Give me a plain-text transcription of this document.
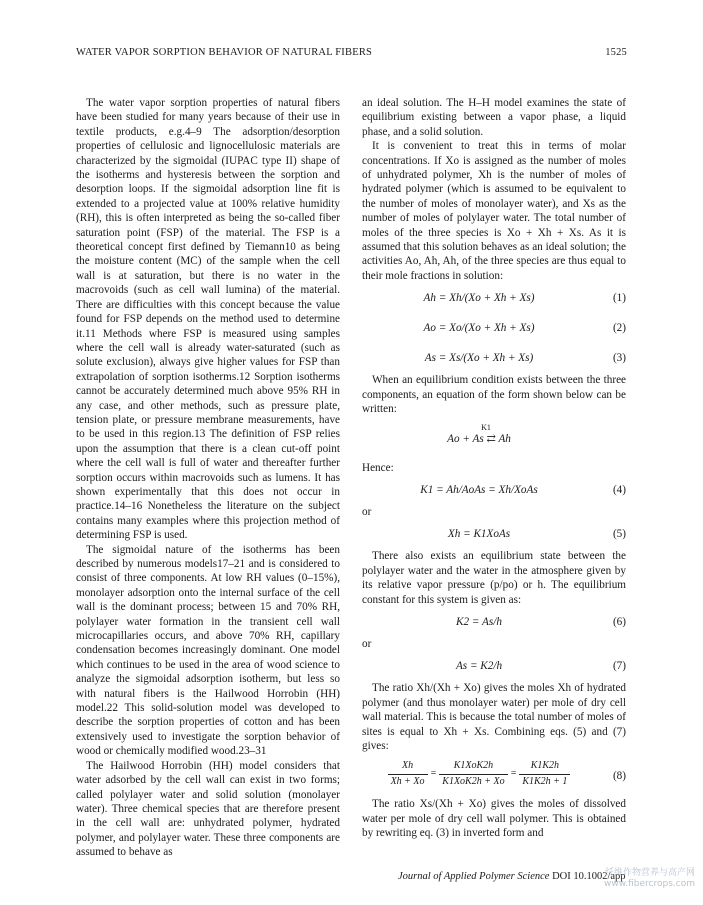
WATER VAPOR SORPTION BEHAVIOR OF NATURAL FIBERS	1525

The water vapor sorption properties of natural fibers have been studied for many years because of their use in textile products, e.g.4–9 The adsorption/desorption properties of cellulosic and lignocellulosic materials are characterized by the sigmoidal (IUPAC type II) shape of the isotherms and hysteresis between the sorption and desorption loops. If the sigmoidal adsorption line fit is extended to a projected value at 100% relative humidity (RH), this is often interpreted as being the so-called fiber saturation point (FSP) of the material. The FSP is a theoretical concept first defined by Tiemann10 as being the moisture content (MC) of the sample when the cell wall is at saturation, but there is no water in the macrovoids (such as cell wall lumina) of the material. There are difficulties with this concept because the value found for FSP depends on the method used to determine it.11 Methods where FSP is measured using samples where the cell wall is already water-saturated (such as solute exclusion), always give higher values for FSP than extrapolation of sorption isotherms.12 Sorption isotherms cannot be accurately determined much above 95% RH in any case, and other methods, such as pressure plate, tension plate, or pressure membrane measurements, have to be used in this region.13 The definition of FSP relies upon the assumption that there is a clean cut-off point where the cell wall is full of water and thereafter further sorption occurs within macrovoids such as lumens. It has shown experimentally that this does not occur in practice.14–16 Nonetheless the literature on the subject contains many examples where this projection method of determining FSP is used.

The sigmoidal nature of the isotherms has been described by numerous models17–21 and is considered to consist of three components. At low RH values (0–15%), monolayer adsorption onto the internal surface of the cell wall is the dominant process; between 15 and 70% RH, polylayer water formation in the transient cell wall microcapillaries occurs, and above 70% RH, capillary condensation becomes increasingly dominant. One model which continues to be used in the area of wood science to analyze the sigmoidal adsorption isotherm, but less so with natural fibers is the Hailwood Horrobin (HH) model.22 This solid-solution model was developed to describe the sorption properties of cotton and has been extensively used to investigate the sorption behavior of wood or chemically modified wood.23–31

The Hailwood Horrobin (HH) model considers that water adsorbed by the cell wall can exist in two forms; called polylayer water and solid solution (monolayer water). Three chemical species that are therefore present in the cell wall are: unhydrated polymer, hydrated polymer, and polylayer water. These three components are assumed to behave as

an ideal solution. The H–H model examines the state of equilibrium existing between a vapor phase, a liquid phase, and a solid solution.

It is convenient to treat this in terms of molar concentrations. If Xo is assigned as the number of moles of unhydrated polymer, Xh is the number of moles of hydrated polymer (which is assumed to be equivalent to the number of moles of monolayer water), and Xs as the number of moles of polylayer water. The total number of moles of the three species is Xo + Xh + Xs. As it is assumed that this solution behaves as an ideal solution; the activities Ao, Ah, Ah, of the three species are thus equal to their mole fractions in solution:

Ah = Xh/(Xo + Xh + Xs)	(1)
Ao = Xo/(Xo + Xh + Xs)	(2)
As = Xs/(Xo + Xh + Xs)	(3)

When an equilibrium condition exists between the three components, an equation of the form shown below can be written:

K1
Ao + As ⇄ Ah

Hence:

K1 = Ah/AoAs = Xh/XoAs	(4)

or

Xh = K1XoAs	(5)

There also exists an equilibrium state between the polylayer water and the water in the atmosphere given by its relative vapor pressure (p/po) or h. The equilibrium constant for this system is given as:

K2 = As/h	(6)

or

As = K2/h	(7)

The ratio Xh/(Xh + Xo) gives the moles Xh of hydrated polymer (and thus monolayer water) per mole of dry cell wall material. This is because the total number of moles of sites is equal to Xh + Xs. Combining eqs. (5) and (7) gives:

$\frac{Xh}{Xh + Xo} = \frac{\text{K1XoK2h}}{\text{K1XoK2h + Xo}} = \frac{K1K2h}{K1K2h + 1}$	(8)

The ratio Xs/(Xh + Xo) gives the moles of dissolved water per mole of dry cell wall polymer. This is obtained by rewriting eq. (3) in inverted form and

Journal of Applied Polymer Science DOI 10.1002/app
纤维作物营养与高产网
www.fibercrops.com
